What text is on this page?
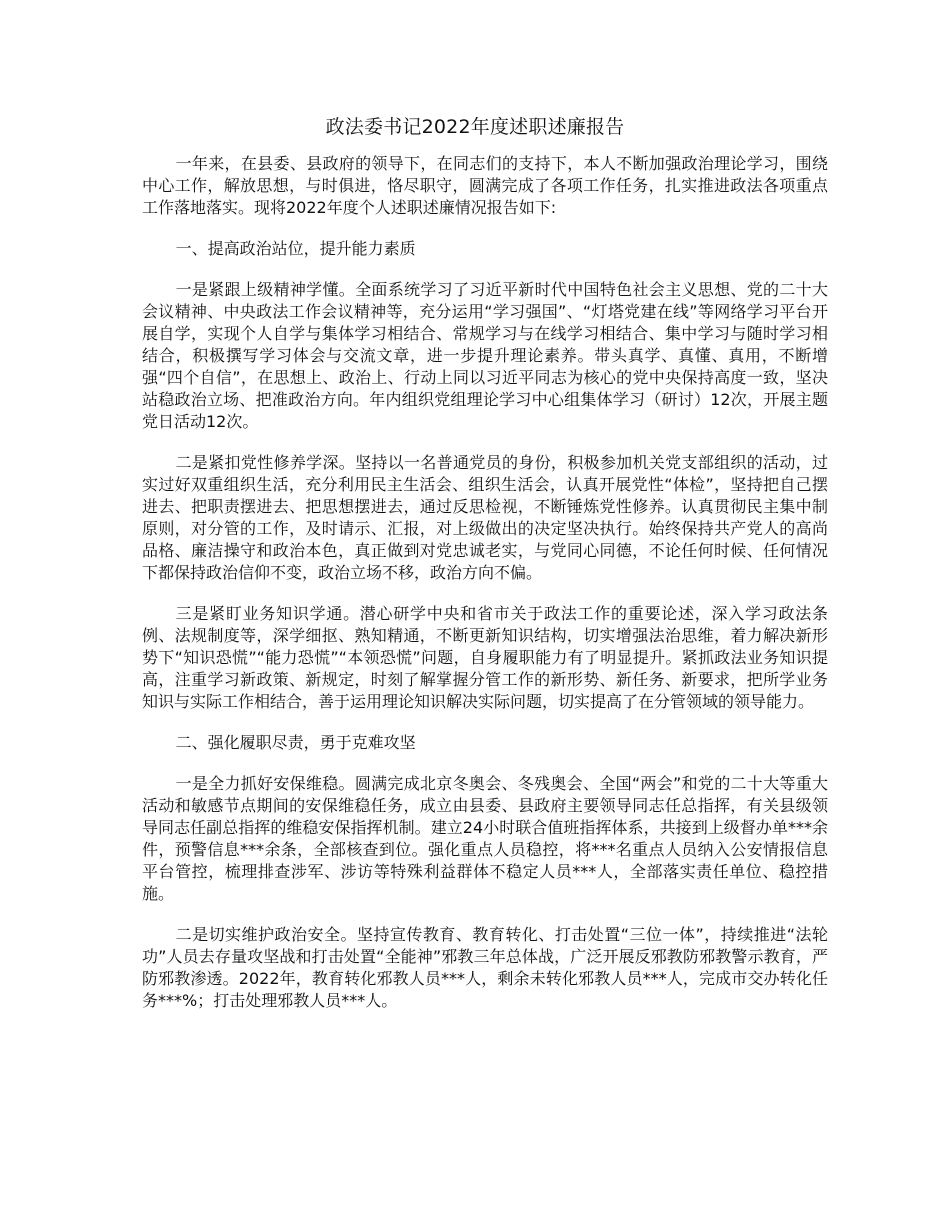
政法委书记2022年度述职述廉报告

一年来，在县委、县政府的领导下，在同志们的支持下，本人不断加强政治理论学习，围绕中心工作，解放思想，与时俱进，恪尽职守，圆满完成了各项工作任务，扎实推进政法各项重点工作落地落实。现将2022年度个人述职述廉情况报告如下:

一、提高政治站位，提升能力素质

一是紧跟上级精神学懂。全面系统学习了习近平新时代中国特色社会主义思想、党的二十大会议精神、中央政法工作会议精神等，充分运用“学习强国”、“灯塔党建在线”等网络学习平台开展自学，实现个人自学与集体学习相结合、常规学习与在线学习相结合、集中学习与随时学习相结合，积极撰写学习体会与交流文章，进一步提升理论素养。带头真学、真懂、真用，不断增强“四个自信”，在思想上、政治上、行动上同以习近平同志为核心的党中央保持高度一致，坚决站稳政治立场、把准政治方向。年内组织党组理论学习中心组集体学习（研讨）12次，开展主题党日活动12次。

二是紧扣党性修养学深。坚持以一名普通党员的身份，积极参加机关党支部组织的活动，过实过好双重组织生活，充分利用民主生活会、组织生活会，认真开展党性“体检”，坚持把自己摆进去、把职责摆进去、把思想摆进去，通过反思检视，不断锤炼党性修养。认真贯彻民主集中制原则，对分管的工作，及时请示、汇报，对上级做出的决定坚决执行。始终保持共产党人的高尚品格、廉洁操守和政治本色，真正做到对党忠诚老实，与党同心同德，不论任何时候、任何情况下都保持政治信仰不变，政治立场不移，政治方向不偏。

三是紧盯业务知识学通。潜心研学中央和省市关于政法工作的重要论述，深入学习政法条例、法规制度等，深学细抠、熟知精通，不断更新知识结构，切实增强法治思维，着力解决新形势下“知识恐慌”“能力恐慌”“本领恐慌”问题，自身履职能力有了明显提升。紧抓政法业务知识提高，注重学习新政策、新规定，时刻了解掌握分管工作的新形势、新任务、新要求，把所学业务知识与实际工作相结合，善于运用理论知识解决实际问题，切实提高了在分管领域的领导能力。

二、强化履职尽责，勇于克难攻坚

一是全力抓好安保维稳。圆满完成北京冬奥会、冬残奥会、全国“两会”和党的二十大等重大活动和敏感节点期间的安保维稳任务，成立由县委、县政府主要领导同志任总指挥，有关县级领导同志任副总指挥的维稳安保指挥机制。建立24小时联合值班指挥体系，共接到上级督办单***余件，预警信息***余条，全部核查到位。强化重点人员稳控，将***名重点人员纳入公安情报信息平台管控，梳理排查涉军、涉访等特殊利益群体不稳定人员***人，全部落实责任单位、稳控措施。

二是切实维护政治安全。坚持宣传教育、教育转化、打击处置“三位一体”，持续推进“法轮功”人员去存量攻坚战和打击处置“全能神”邪教三年总体战，广泛开展反邪教防邪教警示教育，严防邪教渗透。2022年，教育转化邪教人员***人，剩余未转化邪教人员***人，完成市交办转化任务***%；打击处理邪教人员***人。
